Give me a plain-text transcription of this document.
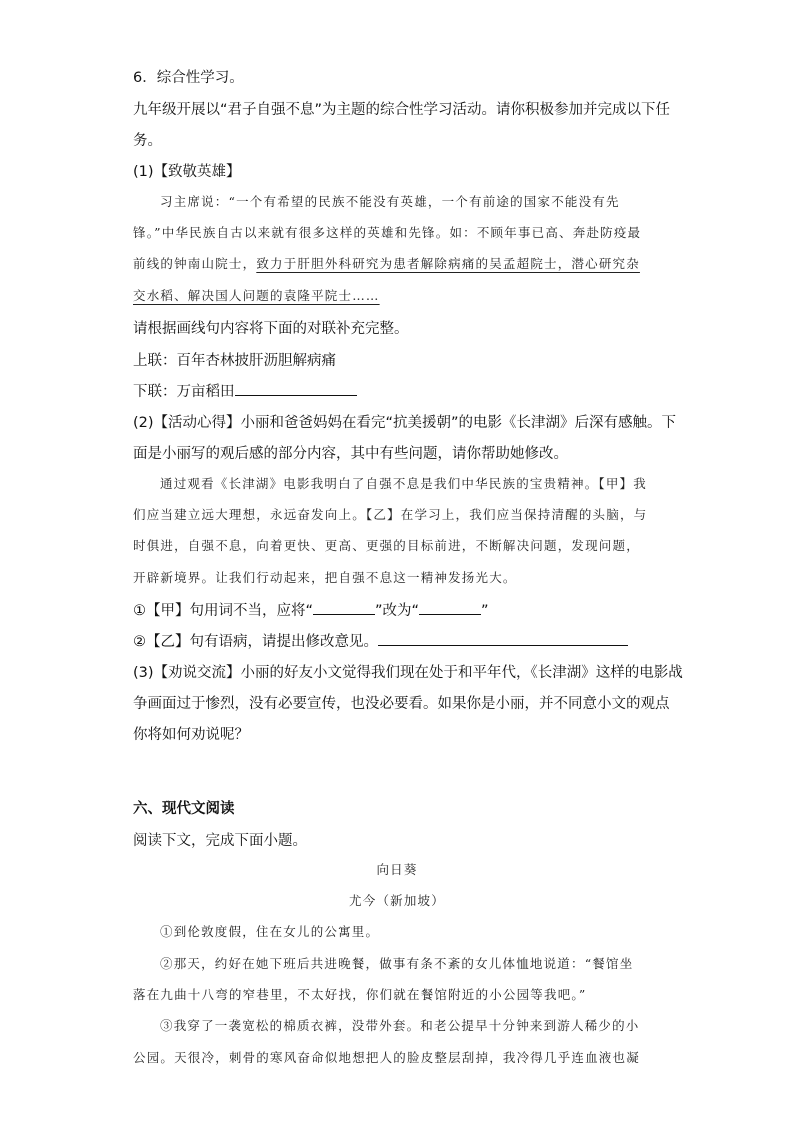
6．综合性学习。
九年级开展以“君子自强不息”为主题的综合性学习活动。请你积极参加并完成以下任
务。
(1)【致敬英雄】
习主席说：“一个有希望的民族不能没有英雄，一个有前途的国家不能没有先
锋。”中华民族自古以来就有很多这样的英雄和先锋。如：不顾年事已高、奔赴防疫最
前线的钟南山院士，致力于肝胆外科研究为患者解除病痛的吴孟超院士，潜心研究杂
交水稻、解决国人问题的袁隆平院士……
请根据画线句内容将下面的对联补充完整。
上联：百年杏林披肝沥胆解病痛
下联：万亩稻田
(2)【活动心得】小丽和爸爸妈妈在看完“抗美援朝”的电影《长津湖》后深有感触。下
面是小丽写的观后感的部分内容，其中有些问题，请你帮助她修改。
通过观看《长津湖》电影我明白了自强不息是我们中华民族的宝贵精神。【甲】我
们应当建立远大理想，永远奋发向上。【乙】在学习上，我们应当保持清醒的头脑，与
时俱进，自强不息，向着更快、更高、更强的目标前进，不断解决问题，发现问题，
开辟新境界。让我们行动起来，把自强不息这一精神发扬光大。
①【甲】句用词不当，应将“	”改为“	”
②【乙】句有语病，请提出修改意见。
(3)【劝说交流】小丽的好友小文觉得我们现在处于和平年代，《长津湖》这样的电影战
争画面过于惨烈，没有必要宣传，也没必要看。如果你是小丽，并不同意小文的观点
你将如何劝说呢？
六、现代文阅读
阅读下文，完成下面小题。
向日葵
尤今（新加坡）
①到伦敦度假，住在女儿的公寓里。
②那天，约好在她下班后共进晚餐，做事有条不紊的女儿体恤地说道：“餐馆坐
落在九曲十八弯的窄巷里，不太好找，你们就在餐馆附近的小公园等我吧。”
③我穿了一袭宽松的棉质衣裤，没带外套。和老公提早十分钟来到游人稀少的小
公园。天很冷，刺骨的寒风奋命似地想把人的脸皮整层刮掉，我冷得几乎连血液也凝
